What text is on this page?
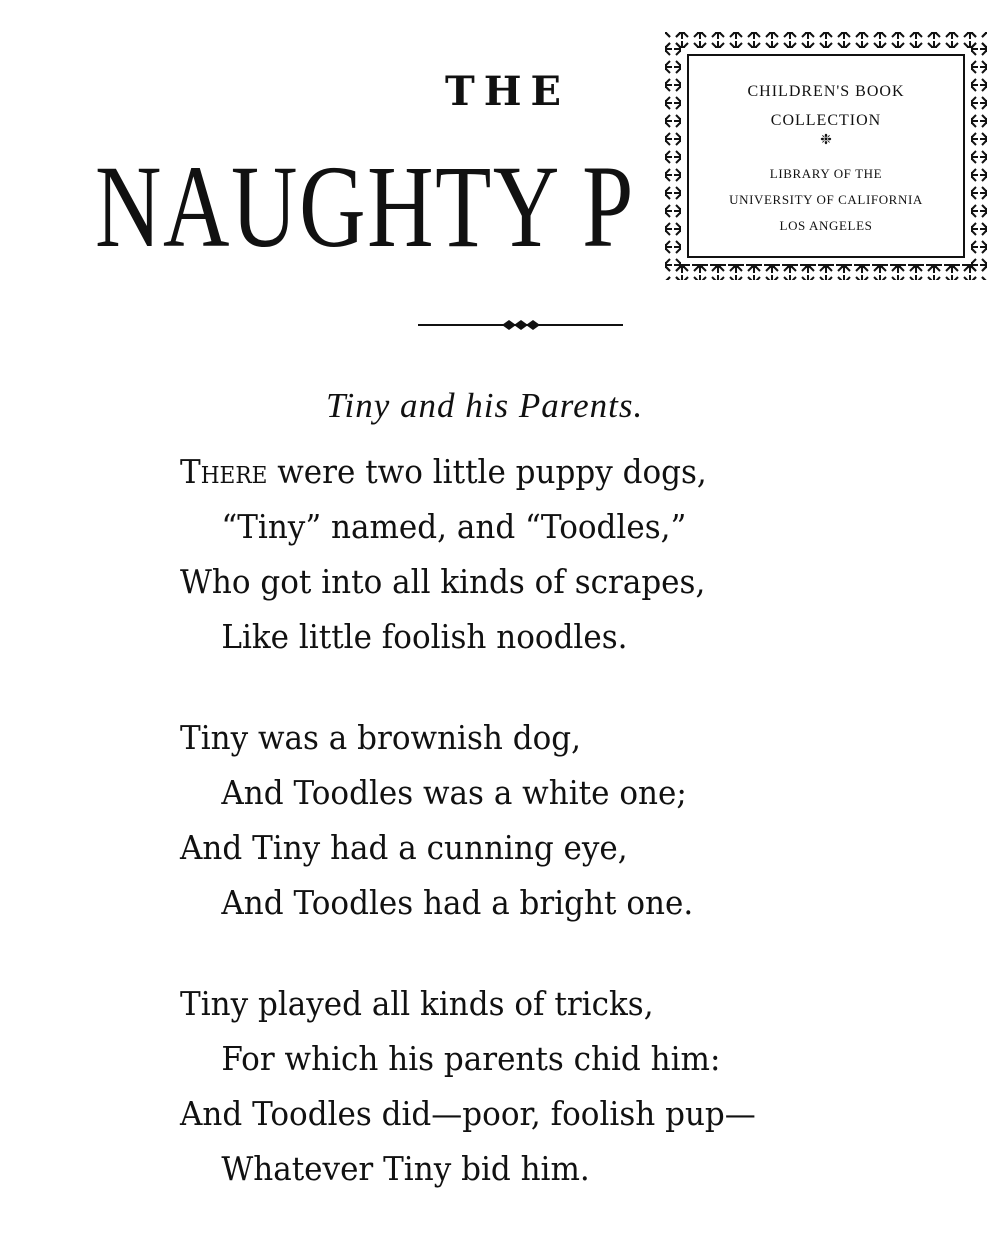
THE
NAUGHTY P
CHILDREN'S BOOK
COLLECTION
❉
LIBRARY OF THE
UNIVERSITY OF CALIFORNIA
LOS ANGELES
Tiny and his Parents.
There were two little puppy dogs,
“Tiny” named, and “Toodles,”
Who got into all kinds of scrapes,
Like little foolish noodles.
Tiny was a brownish dog,
And Toodles was a white one;
And Tiny had a cunning eye,
And Toodles had a bright one.
Tiny played all kinds of tricks,
For which his parents chid him:
And Toodles did—poor, foolish pup—
Whatever Tiny bid him.
